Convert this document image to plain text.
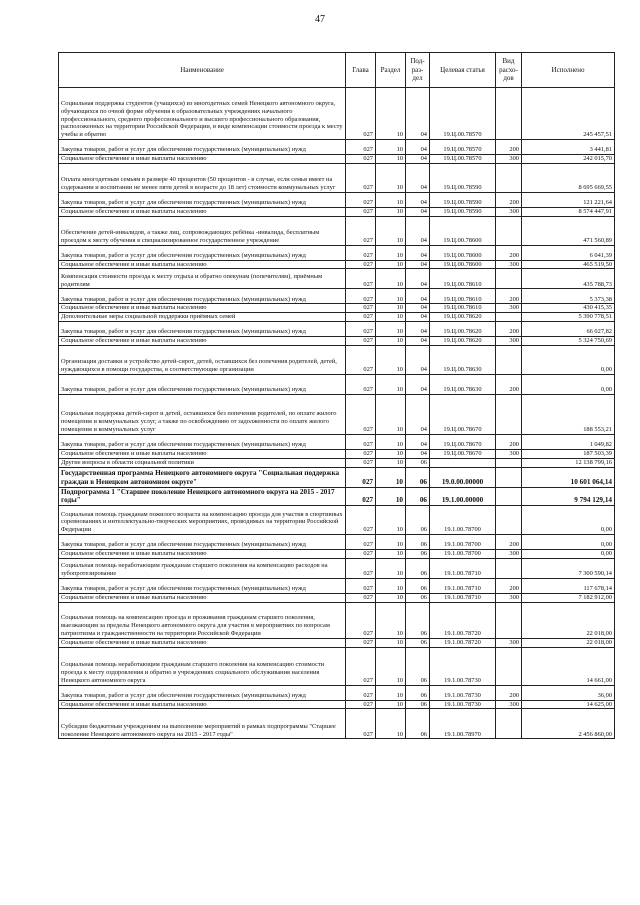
47
Наименование	Глава	Раздел	Под-раз-дел	Целевая статья	Вид расхо-дов	Исполнено
Социальная поддержка студентов (учащихся) из многодетных семей Ненецкого автономного округа, обучающихся по очной форме обучения в образовательных учреждениях начального профессионального, среднего профессионального и высшего профессионального образования, расположенных на территории Российской Федерации, в виде компенсации стоимости проезда к месту учебы и обратно	027	10	04	19.Ц.00.78570		245 457,51
Закупка товаров, работ и услуг для обеспечения государственных (муниципальных) нужд	027	10	04	19.Ц.00.78570	200	3 441,81
Социальное обеспечение и иные выплаты населению	027	10	04	19.Ц.00.78570	300	242 015,70
Оплата многодетным семьям в размере 40 процентов (50 процентов - в случае, если семья имеет на содержании и воспитании не менее пяти детей в возрасте до 18 лет) стоимости коммунальных услуг	027	10	04	19.Ц.00.78590		8 695 669,55
Закупка товаров, работ и услуг для обеспечения государственных (муниципальных) нужд	027	10	04	19.Ц.00.78590	200	121 221,64
Социальное обеспечение и иные выплаты населению	027	10	04	19.Ц.00.78590	300	8 574 447,91
Обеспечение детей-инвалидов, а также лиц, сопровождающих ребёнка -инвалида, бесплатным проездом к месту обучения в специализированное государственное учреждение	027	10	04	19.Ц.00.78600		471 560,89
Закупка товаров, работ и услуг для обеспечения государственных (муниципальных) нужд	027	10	04	19.Ц.00.78600	200	6 041,39
Социальное обеспечение и иные выплаты населению	027	10	04	19.Ц.00.78600	300	465 519,50
Компенсация стоимости проезда к месту отдыха и обратно опекунам (попечителям), приёмным родителям	027	10	04	19.Ц.00.78610		435 788,73
Закупка товаров, работ и услуг для обеспечения государственных (муниципальных) нужд	027	10	04	19.Ц.00.78610	200	5 373,38
Социальное обеспечение и иные выплаты населению	027	10	04	19.Ц.00.78610	300	430 415,35
Дополнительные меры социальной поддержки приёмных семей	027	10	04	19.Ц.00.78620		5 390 778,51
Закупка товаров, работ и услуг для обеспечения государственных (муниципальных) нужд	027	10	04	19.Ц.00.78620	200	66 027,82
Социальное обеспечение и иные выплаты населению	027	10	04	19.Ц.00.78620	300	5 324 750,69
Организация доставки и устройство детей-сирот, детей, оставшихся без попечения родителей, детей, нуждающихся в помощи государства, в соответствующие организации	027	10	04	19.Ц.00.78630		0,00
Закупка товаров, работ и услуг для обеспечения государственных (муниципальных) нужд	027	10	04	19.Ц.00.78630	200	0,00
Социальная поддержка детей-сирот и детей, оставшихся без попечения родителей, по оплате жилого помещения и коммунальных услуг, а также по освобождению от задолженности по оплате жилого помещения и коммунальных услуг	027	10	04	19.Ц.00.78670		188 553,21
Закупка товаров, работ и услуг для обеспечения государственных (муниципальных) нужд	027	10	04	19.Ц.00.78670	200	1 049,82
Социальное обеспечение и иные выплаты населению	027	10	04	19.Ц.00.78670	300	187 503,39
Другие вопросы в области социальной политики	027	10	06			12 138 799,16
Государственная программа Ненецкого автономного округа "Социальная поддержка граждан в Ненецком автономном округе"	027	10	06	19.0.00.00000		10 601 064,14
Подпрограмма 1 "Старшее поколение Ненецкого автономного округа на 2015 - 2017 годы"	027	10	06	19.1.00.00000		9 794 129,14
Социальная помощь гражданам пожилого возраста на компенсацию проезда для участия в спортивных соревнованиях и интеллектуально-творческих мероприятиях, проводимых на территории Российской Федерации	027	10	06	19.1.00.78700		0,00
Закупка товаров, работ и услуг для обеспечения государственных (муниципальных) нужд	027	10	06	19.1.00.78700	200	0,00
Социальное обеспечение и иные выплаты населению	027	10	06	19.1.00.78700	300	0,00
Социальная помощь неработающим гражданам старшего поколения на компенсацию расходов на зубопротезирование	027	10	06	19.1.00.78710		7 300 590,14
Закупка товаров, работ и услуг для обеспечения государственных (муниципальных) нужд	027	10	06	19.1.00.78710	200	117 678,14
Социальное обеспечение и иные выплаты населению	027	10	06	19.1.00.78710	300	7 182 912,00
Социальная помощь на компенсацию проезда и проживания гражданам старшего поколения, выезжающим за пределы Ненецкого автономного округа для участия в мероприятиях по вопросам патриотизма и гражданственности на территории Российской Федерации	027	10	06	19.1.00.78720		22 018,00
Социальное обеспечение и иные выплаты населению	027	10	06	19.1.00.78720	300	22 018,00
Социальная помощь неработающим гражданам старшего поколения на компенсацию стоимости проезда к месту оздоровления и обратно в учреждениях социального обслуживания населения Ненецкого автономного округа	027	10	06	19.1.00.78730		14 661,00
Закупка товаров, работ и услуг для обеспечения государственных (муниципальных) нужд	027	10	06	19.1.00.78730	200	36,00
Социальное обеспечение и иные выплаты населению	027	10	06	19.1.00.78730	300	14 625,00
Субсидии бюджетным учреждениям на выполнение мероприятий в рамках подпрограммы "Старшее поколение Ненецкого автономного округа на 2015 - 2017 годы"	027	10	06	19.1.00.78970		2 456 860,00
